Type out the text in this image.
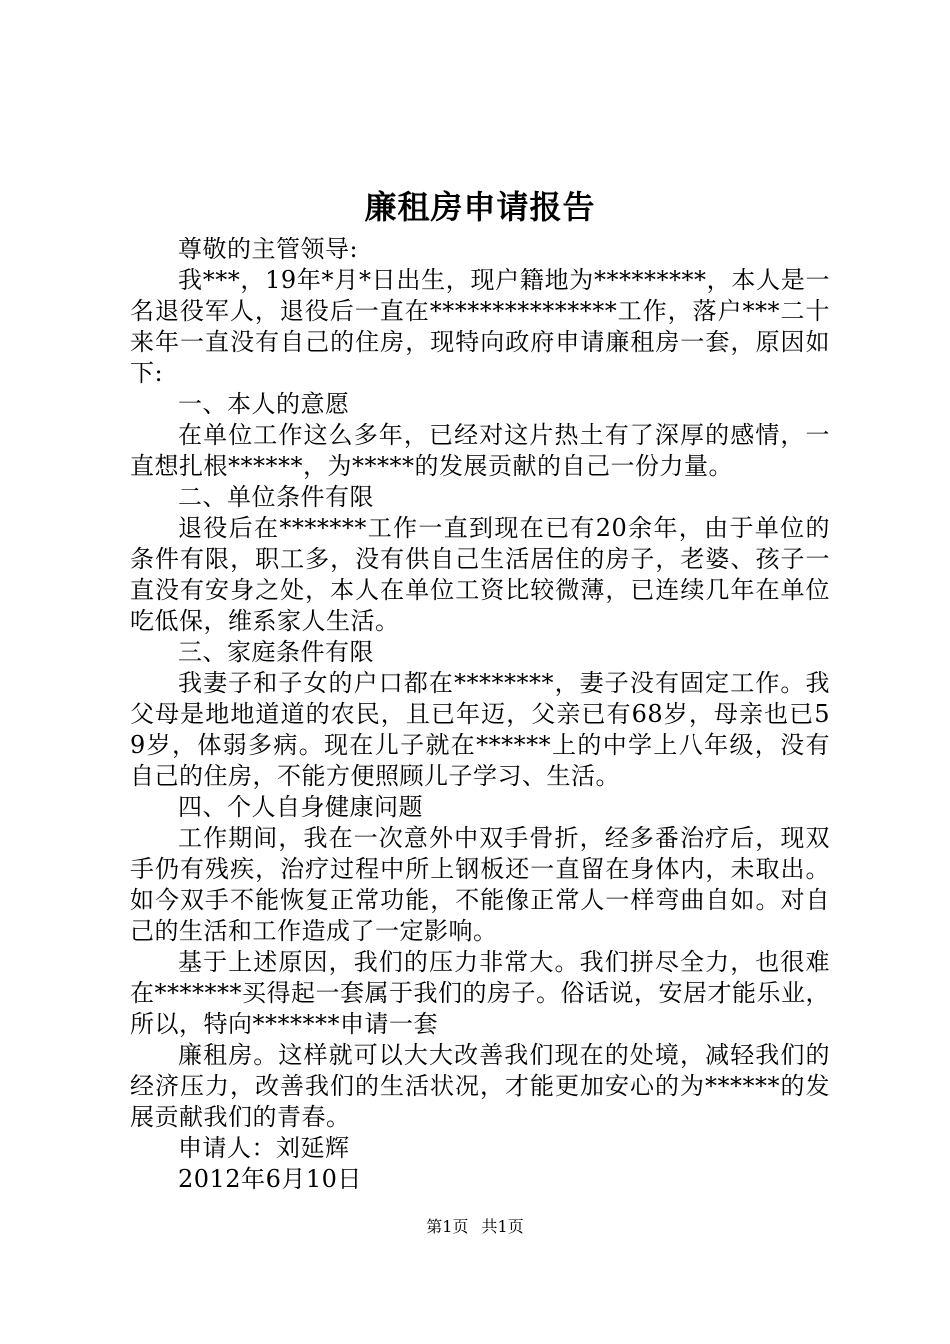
廉租房申请报告

尊敬的主管领导:

我***，19年*月*日出生，现户籍地为*********，本人是一名退役军人，退役后一直在***************工作，落户***二十来年一直没有自己的住房，现特向政府申请廉租房一套，原因如下:

一、本人的意愿

在单位工作这么多年，已经对这片热土有了深厚的感情，一直想扎根******，为*****的发展贡献的自己一份力量。

二、单位条件有限

退役后在*******工作一直到现在已有20余年，由于单位的条件有限，职工多，没有供自己生活居住的房子，老婆、孩子一直没有安身之处，本人在单位工资比较微薄，已连续几年在单位吃低保，维系家人生活。

三、家庭条件有限

我妻子和子女的户口都在********，妻子没有固定工作。我父母是地地道道的农民，且已年迈，父亲已有68岁，母亲也已59岁，体弱多病。现在儿子就在******上的中学上八年级，没有自己的住房，不能方便照顾儿子学习、生活。

四、个人自身健康问题

工作期间，我在一次意外中双手骨折，经多番治疗后，现双手仍有残疾，治疗过程中所上钢板还一直留在身体内，未取出。如今双手不能恢复正常功能，不能像正常人一样弯曲自如。对自己的生活和工作造成了一定影响。

基于上述原因，我们的压力非常大。我们拼尽全力，也很难在*******买得起一套属于我们的房子。俗话说，安居才能乐业，所以，特向*******申请一套

廉租房。这样就可以大大改善我们现在的处境，减轻我们的经济压力，改善我们的生活状况，才能更加安心的为******的发展贡献我们的青春。

申请人：刘延辉

2012年6月10日

第1页 共1页
